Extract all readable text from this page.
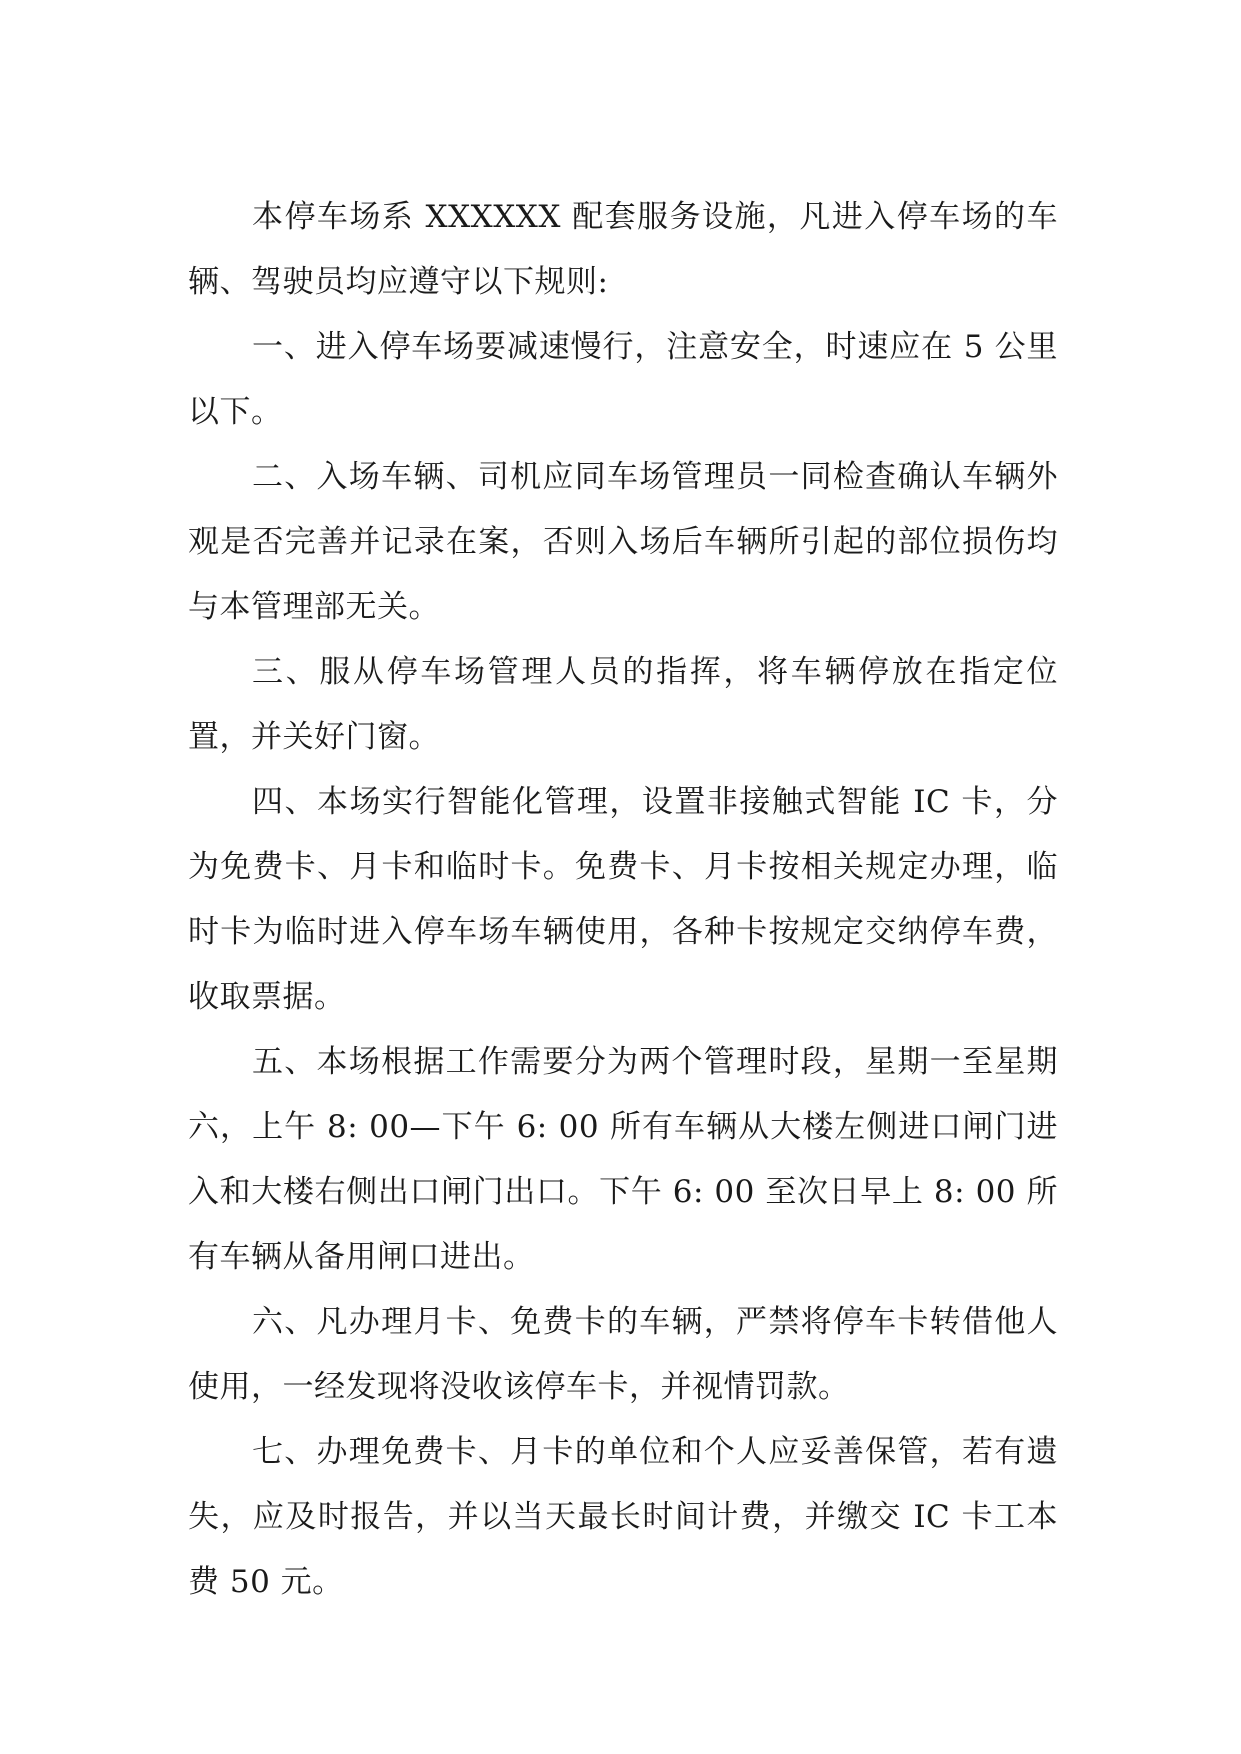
本停车场系 XXXXXX 配套服务设施，凡进入停车场的车辆、驾驶员均应遵守以下规则:

一、进入停车场要减速慢行，注意安全，时速应在 5 公里以下。

二、入场车辆、司机应同车场管理员一同检查确认车辆外观是否完善并记录在案，否则入场后车辆所引起的部位损伤均与本管理部无关。

三、服从停车场管理人员的指挥，将车辆停放在指定位置，并关好门窗。

四、本场实行智能化管理，设置非接触式智能 IC 卡，分为免费卡、月卡和临时卡。免费卡、月卡按相关规定办理，临时卡为临时进入停车场车辆使用，各种卡按规定交纳停车费，收取票据。

五、本场根据工作需要分为两个管理时段，星期一至星期六，上午 8: 00—下午 6: 00 所有车辆从大楼左侧进口闸门进入和大楼右侧出口闸门出口。下午 6: 00 至次日早上 8: 00 所有车辆从备用闸口进出。

六、凡办理月卡、免费卡的车辆，严禁将停车卡转借他人使用，一经发现将没收该停车卡，并视情罚款。

七、办理免费卡、月卡的单位和个人应妥善保管，若有遗失，应及时报告，并以当天最长时间计费，并缴交 IC 卡工本费 50 元。
